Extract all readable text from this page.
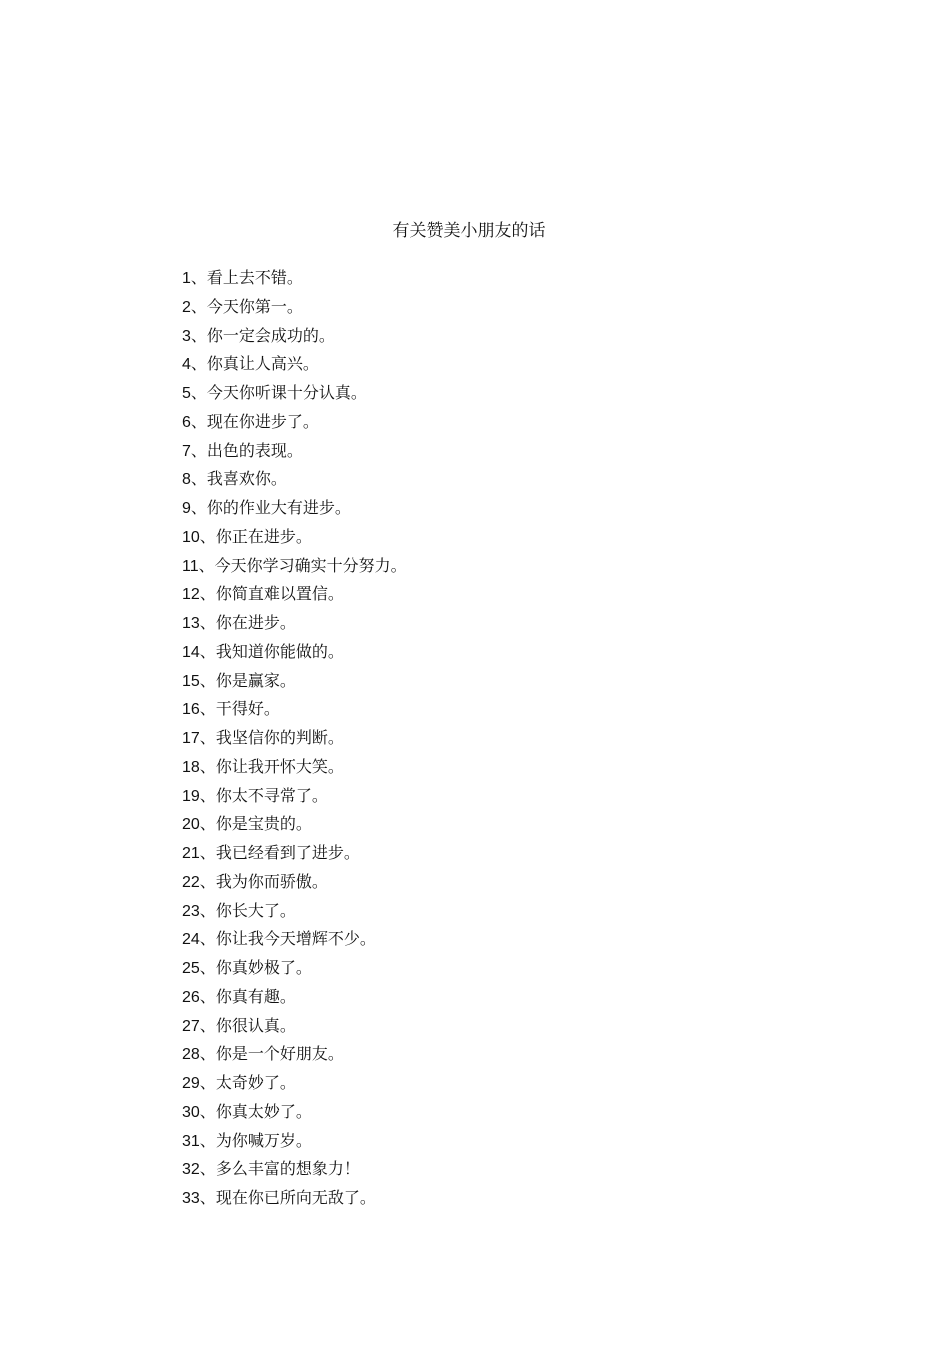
有关赞美小朋友的话
1、看上去不错。
2、今天你第一。
3、你一定会成功的。
4、你真让人高兴。
5、今天你听课十分认真。
6、现在你进步了。
7、出色的表现。
8、我喜欢你。
9、你的作业大有进步。
10、你正在进步。
11、今天你学习确实十分努力。
12、你简直难以置信。
13、你在进步。
14、我知道你能做的。
15、你是赢家。
16、干得好。
17、我坚信你的判断。
18、你让我开怀大笑。
19、你太不寻常了。
20、你是宝贵的。
21、我已经看到了进步。
22、我为你而骄傲。
23、你长大了。
24、你让我今天增辉不少。
25、你真妙极了。
26、你真有趣。
27、你很认真。
28、你是一个好朋友。
29、太奇妙了。
30、你真太妙了。
31、为你喊万岁。
32、多么丰富的想象力！
33、现在你已所向无敌了。
